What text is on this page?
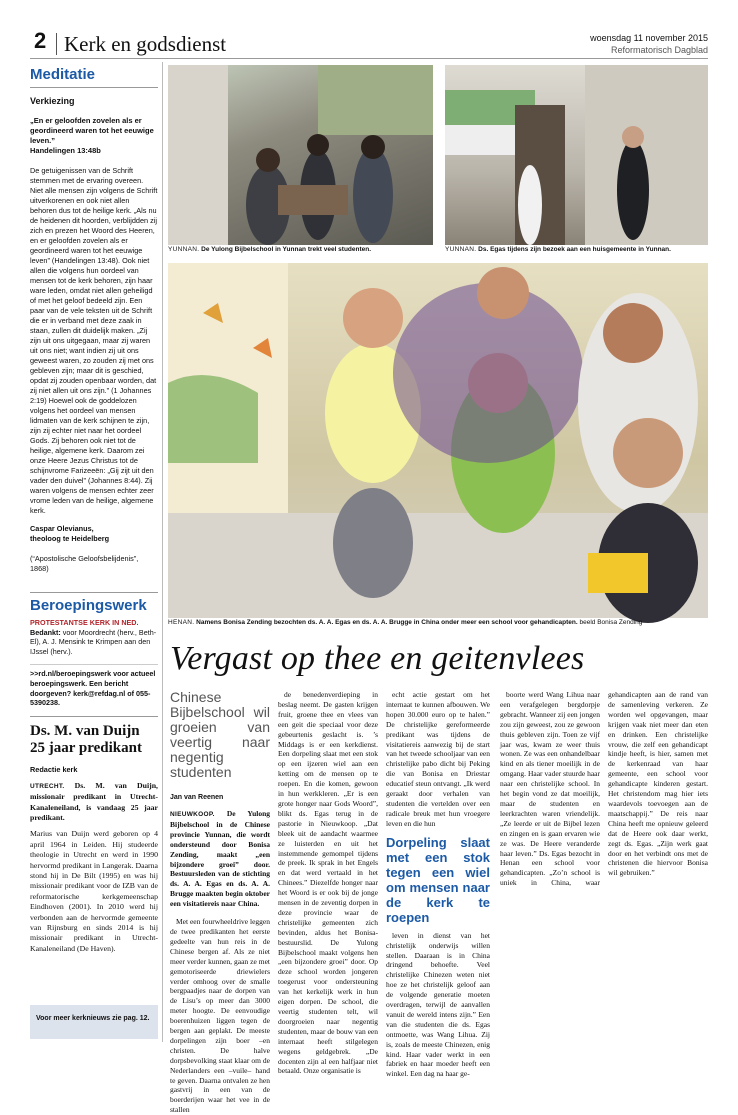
2 Kerk en godsdienst	woensdag 11 november 2015
Reformatorisch Dagblad
Meditatie
Verkiezing
„En er geloofden zovelen als er geordineerd waren tot het eeuwige leven.”
Handelingen 13:48b
De getuigenissen van de Schrift stemmen met de ervaring overeen. Niet alle mensen zijn volgens de Schrift uitverkorenen en ook niet allen behoren dus tot de heilige kerk. „Als nu de heidenen dit hoorden, verblijdden zij zich en prezen het Woord des Heeren, en er geloofden zovelen als er geordineerd waren tot het eeuwige leven” (Handelingen 13:48). Ook niet allen die volgens hun oordeel van mensen tot de kerk behoren, zijn haar ware leden, omdat niet allen geheiligd of met het geloof bedeeld zijn. Een paar van de vele teksten uit de Schrift die er in verband met deze zaak in staan, zullen dit duidelijk maken. „Zij zijn uit ons uitgegaan, maar zij waren uit ons niet; want indien zij uit ons geweest waren, zo zouden zij met ons gebleven zijn; maar dit is geschied, opdat zij zouden openbaar worden, dat zij niet allen uit ons zijn.” (1 Johannes 2:19) Hoewel ook de goddelozen volgens het oordeel van mensen lidmaten van de kerk schijnen te zijn, zijn zij echter niet naar het oordeel Gods. Zij behoren ook niet tot de heilige, algemene kerk. Daarom zei onze Heere Jezus Christus tot de schijnvrome Farizeeën: „Gij zijt uit den vader den duivel” (Johannes 8:44). Zij waren volgens de mensen echter zeer vrome leden van de heilige, algemene kerk.
Caspar Olevianus,
theoloog te Heidelberg
(“Apostolische Geloofsbelijdenis”, 1868)
Beroepingswerk
PROTESTANTSE KERK IN NED.
Bedankt: voor Moordrecht (herv., Beth-El), A. J. Mensink te Krimpen aan den IJssel (herv.).
>>rd.nl/beroepingswerk voor actueel beroepingswerk. Een bericht doorgeven? kerk@refdag.nl of 055-5390238.
Ds. M. van Duijn 25 jaar predikant
Redactie kerk
UTRECHT. Ds. M. van Duijn, missionair predikant in Utrecht-Kanaleneiland, is vandaag 25 jaar predikant.
Marius van Duijn werd geboren op 4 april 1964 in Leiden. Hij studeerde theologie in Utrecht en werd in 1990 hervormd predikant in Langerak. Daarna stond hij in De Bilt (1995) en was hij missionair predikant voor de IZB van de reformatorische kerkgemeenschap Eindhoven (2001). In 2010 werd hij verbonden aan de hervormde gemeente van Rijnsburg en sinds 2014 is hij missionair predikant in Utrecht-Kanaleneiland (De Haven).
Voor meer kerknieuws zie pag. 12.
YUNNAN. De Yulong Bijbelschool in Yunnan trekt veel studenten.	YUNNAN. Ds. Egas tijdens zijn bezoek aan een huisgemeente in Yunnan.
HENAN. Namens Bonisa Zending bezochten ds. A. A. Egas en ds. A. A. Brugge in China onder meer een school voor gehandicapten. beeld Bonisa Zending
Vergast op thee en geitenvlees
Chinese Bijbelschool wil groeien van veertig naar negentig studenten
Jan van Reenen
NIEUWKOOP. De Yulong Bijbelschool in de Chinese provincie Yunnan, die wordt ondersteund door Bonisa Zending, maakt „een bijzondere groei” door. Bestuursleden van de stichting ds. A. A. Egas en ds. A. A. Brugge maakten begin oktober een visitatiereis naar China.

Met een fourwheeldrive leggen de twee predikanten het eerste gedeelte van hun reis in de Chinese bergen af. Als ze niet meer verder kunnen, gaan ze met gemotoriseerde driewielers verder omhoog over de smalle bergpaadjes naar de dorpen van de Lisu’s op meer dan 3000 meter hoogte. De eenvoudige boerenhuizen liggen tegen de bergen aan geplakt. De meeste dorpelingen zijn boer –en christen. De halve dorpsbevolking staat klaar om de Nederlanders een –vuile– hand te geven. Daarna ontvalen ze hen gastvrij in een van de boerderijen waar het vee in de stallen

de benedenverdieping in beslag neemt. De gasten krijgen fruit, groene thee en vlees van een geit die speciaal voor deze gebeurtenis geslacht is. ’s Middags is er een kerkdienst. Een dorpeling slaat met een stok op een ijzeren wiel aan een ketting om de mensen op te roepen. En die komen, gewoon in hun werkkleren. „Er is een grote honger naar Gods Woord”, blikt ds. Egas terug in de pastorie in Nieuwkoop. „Dat bleek uit de aandacht waarmee ze luisterden en uit het instemmende gemompel tijdens de preek. Ik sprak in het Engels en dat werd vertaald in het Chinees.” Diezelfde honger naar het Woord is er ook bij de jonge mensen in de zeventig dorpen in deze provincie waar de christelijke gemeenten zich bevinden, aldus het Bonisa-bestuurslid. De Yulong Bijbelschool maakt volgens hen „een bijzondere groei” door. Op deze school worden jongeren toegerust voor ondersteuning van het kerkelijk werk in hun eigen dorpen. De school, die veertig studenten telt, wil doorgroeien naar negentig studenten, maar de bouw van een internaat heeft stilgelegen wegens geldgebrek. „De docenten zijn al een halfjaar niet betaald. Onze organisatie is

echt actie gestart om het internaat te kunnen afbouwen. We hopen 30.000 euro op te halen.” De christelijke gereformeerde predikant was tijdens de visitatiereis aanwezig bij de start van het tweede schooljaar van een christelijke pabo dicht bij Peking die van Bonisa en Driestar educatief steun ontvangt. „Ik werd geraakt door verhalen van studenten die vertelden over een radicale breuk met hun vroegere leven en die hun

Dorpeling slaat met een stok tegen een wiel om mensen naar de kerk te roepen

leven in dienst van het christelijk onderwijs willen stellen. Daaraan is in China dringend behoefte. Veel christelijke Chinezen weten niet hoe ze het christelijk geloof aan de volgende generatie moeten overdragen, terwijl de aanvallen vanuit de wereld intens zijn.” Een van die studenten die ds. Egas ontmoette, was Wang Lihua. Zij is, zoals de meeste Chinezen, enig kind. Haar vader werkt in een fabriek en haar moeder heeft een winkel. Een dag na haar ge-

boorte werd Wang Lihua naar een verafgelegen bergdorpje gebracht. Wanneer zij een jongen zou zijn geweest, zou ze gewoon thuis gebleven zijn. Toen ze vijf jaar was, kwam ze weer thuis wonen. Ze was een onhandelbaar kind en als tiener moeilijk in de omgang. Haar vader stuurde haar naar een christelijke school. In het begin vond ze dat moeilijk, maar de studenten en leerkrachten waren vriendelijk. „Ze leerde er uit de Bijbel lezen en zingen en is gaan ervaren wie ze was. De Heere veranderde haar leven.” Ds. Egas bezocht in Henan een school voor gehandicapten. „Zo’n school is uniek in China, waar gehandicapten aan de rand van de samenleving verkeren. Ze worden wel opgevangen, maar krijgen vaak niet meer dan eten en drinken. Een christelijke vrouw, die zelf een gehandicapt kindje heeft, is hier, samen met de kerkenraad van haar gemeente, een school voor gehandicapte kinderen gestart. Het christendom mag hier iets waardevols toevoegen aan de maatschappij.” De reis naar China heeft me opnieuw geleerd dat de Heere ook daar werkt, zegt ds. Egas. „Zijn werk gaat door en het verbindt ons met de christenen die hiervoor Bonisa wil gebruiken.”
